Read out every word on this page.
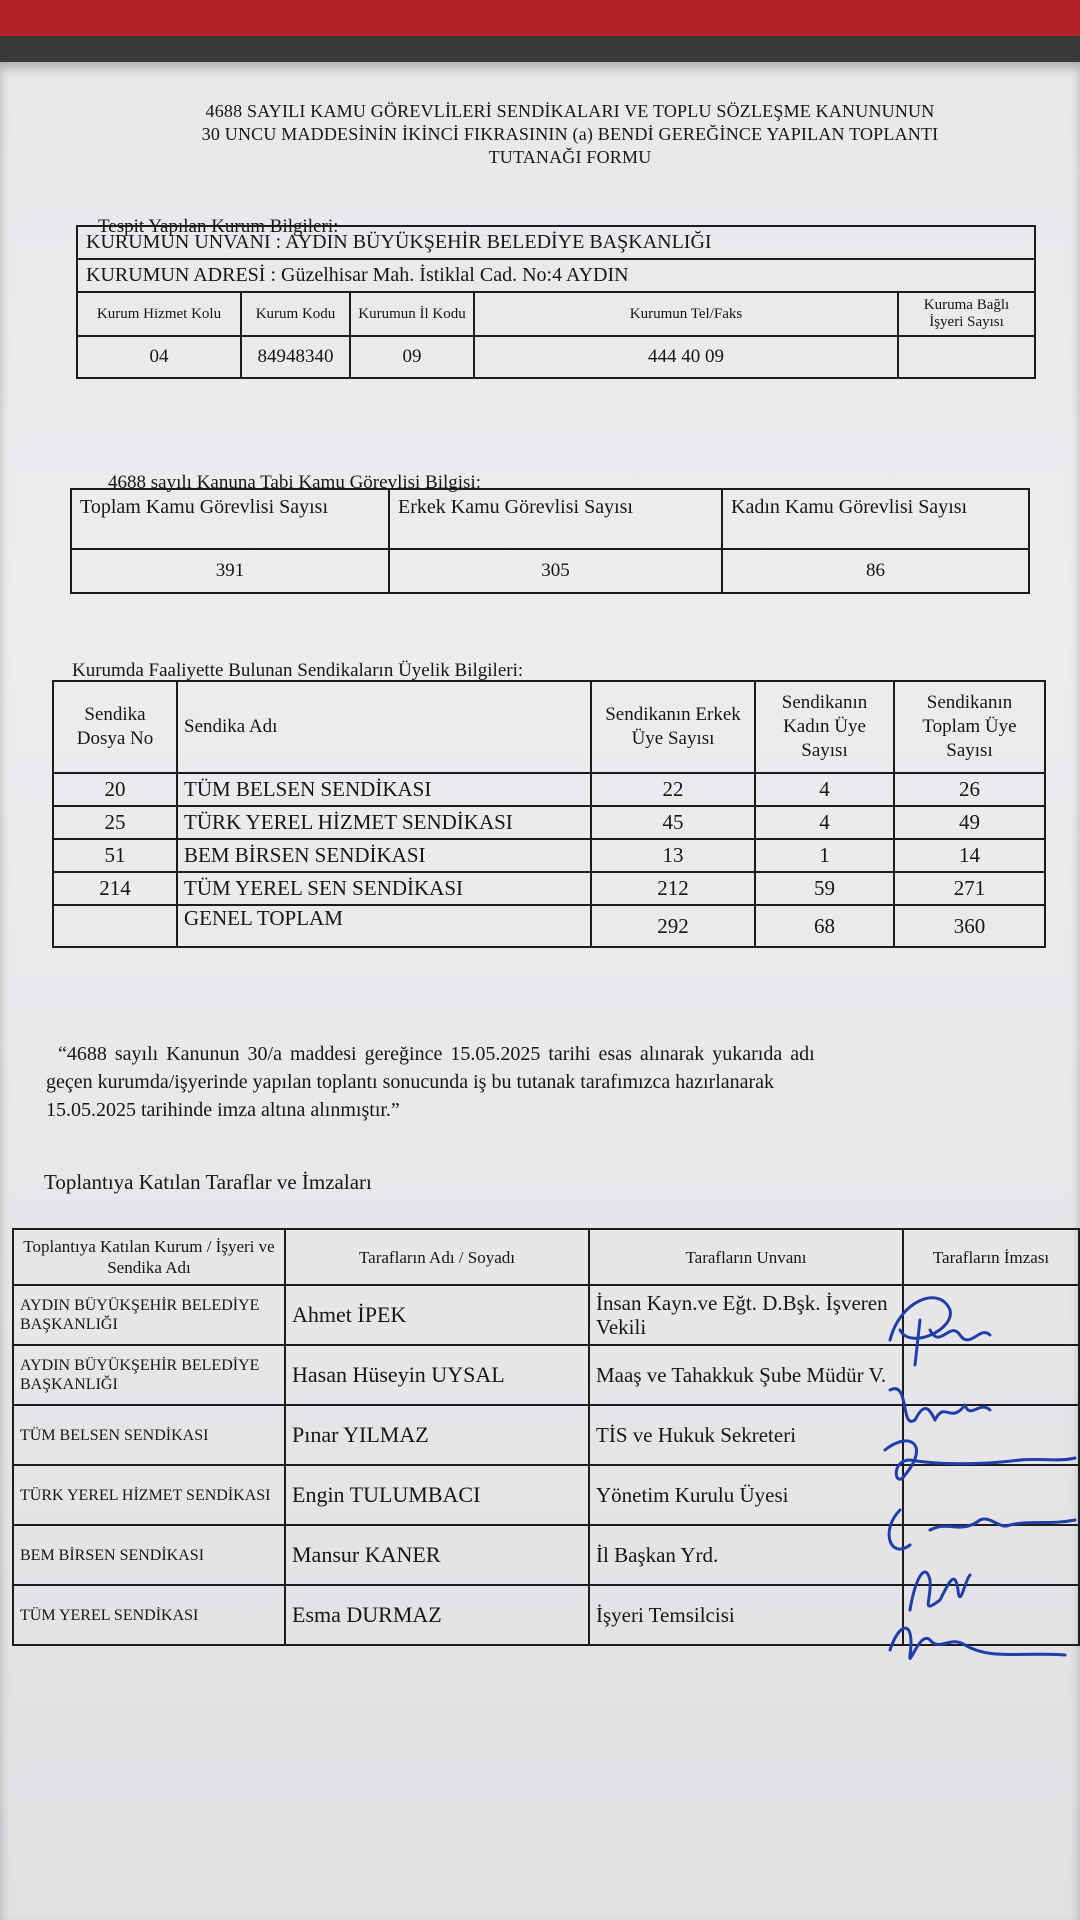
4688 SAYILI KAMU GÖREVLİLERİ SENDİKALARI VE TOPLU SÖZLEŞME KANUNUNUN
30 UNCU MADDESİNİN İKİNCİ FIKRASININ (a) BENDİ GEREĞİNCE YAPILAN TOPLANTI
TUTANAĞI FORMU
Tespit Yapılan Kurum Bilgileri:
KURUMUN UNVANI : AYDIN BÜYÜKŞEHİR BELEDİYE BAŞKANLIĞI				
KURUMUN ADRESİ : Güzelhisar Mah. İstiklal Cad. No:4 AYDIN				
Kurum Hizmet Kolu	Kurum Kodu	Kurumun İl Kodu	Kurumun Tel/Faks	Kuruma Bağlı İşyeri Sayısı
04	84948340	09	444 40 09	
4688 sayılı Kanuna Tabi Kamu Görevlisi Bilgisi:
Toplam Kamu Görevlisi Sayısı	Erkek Kamu Görevlisi Sayısı	Kadın Kamu Görevlisi Sayısı
391	305	86
Kurumda Faaliyette Bulunan Sendikaların Üyelik Bilgileri:
Sendika Dosya No	Sendika Adı	Sendikanın Erkek Üye Sayısı	Sendikanın Kadın Üye Sayısı	Sendikanın Toplam Üye Sayısı
20	TÜM BELSEN SENDİKASI	22	4	26
25	TÜRK YEREL HİZMET SENDİKASI	45	4	49
51	BEM BİRSEN SENDİKASI	13	1	14
214	TÜM YEREL SEN SENDİKASI	212	59	271
	GENEL TOPLAM	292	68	360
“4688 sayılı Kanunun 30/a maddesi gereğince 15.05.2025 tarihi esas alınarak yukarıda adı
geçen kurumda/işyerinde yapılan toplantı sonucunda iş bu tutanak tarafımızca hazırlanarak
15.05.2025 tarihinde imza altına alınmıştır.”
Toplantıya Katılan Taraflar ve İmzaları
Toplantıya Katılan Kurum / İşyeri ve Sendika Adı	Tarafların Adı / Soyadı	Tarafların Unvanı	Tarafların İmzası
AYDIN BÜYÜKŞEHİR BELEDİYE BAŞKANLIĞI	Ahmet İPEK	İnsan Kayn.ve Eğt. D.Bşk. İşveren Vekili	
AYDIN BÜYÜKŞEHİR BELEDİYE BAŞKANLIĞI	Hasan Hüseyin UYSAL	Maaş ve Tahakkuk Şube Müdür V.	
TÜM BELSEN SENDİKASI	Pınar YILMAZ	TİS ve Hukuk Sekreteri	
TÜRK YEREL HİZMET SENDİKASI	Engin TULUMBACI	Yönetim Kurulu Üyesi	
BEM BİRSEN SENDİKASI	Mansur KANER	İl Başkan Yrd.	
TÜM YEREL SENDİKASI	Esma DURMAZ	İşyeri Temsilcisi	
